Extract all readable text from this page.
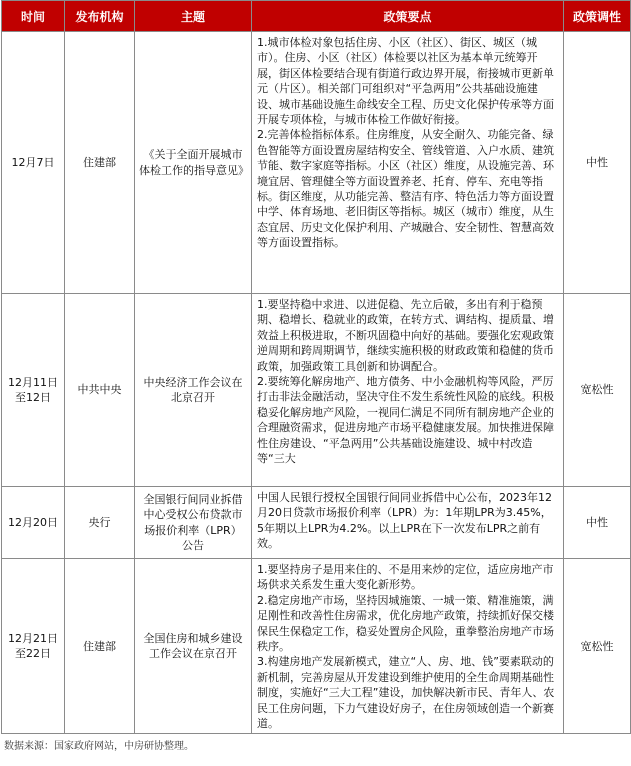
时间	发布机构	主题	政策要点	政策调性
12月7日	住建部	《关于全面开展城市体检工作的指导意见》	1.城市体检对象包括住房、小区（社区）、街区、城区（城市）。住房、小区（社区）体检要以社区为基本单元统筹开展，街区体检要结合现有街道行政边界开展，衔接城市更新单元（片区）。相关部门可组织对“平急两用”公共基础设施建设、城市基础设施生命线安全工程、历史文化保护传承等方面开展专项体检，与城市体检工作做好衔接。

2.完善体检指标体系。住房维度，从安全耐久、功能完备、绿色智能等方面设置房屋结构安全、管线管道、入户水质、建筑节能、数字家庭等指标。小区（社区）维度，从设施完善、环境宜居、管理健全等方面设置养老、托育、停车、充电等指标。街区维度，从功能完善、整洁有序、特色活力等方面设置中学、体育场地、老旧街区等指标。城区（城市）维度，从生态宜居、历史文化保护利用、产城融合、安全韧性、智慧高效等方面设置指标。	中性
12月11日至12日	中共中央	中央经济工作会议在北京召开	1.要坚持稳中求进、以进促稳、先立后破，多出有利于稳预期、稳增长、稳就业的政策，在转方式、调结构、提质量、增效益上积极进取，不断巩固稳中向好的基础。要强化宏观政策逆周期和跨周期调节，继续实施积极的财政政策和稳健的货币政策，加强政策工具创新和协调配合。

2.要统筹化解房地产、地方债务、中小金融机构等风险，严厉打击非法金融活动，坚决守住不发生系统性风险的底线。积极稳妥化解房地产风险，一视同仁满足不同所有制房地产企业的合理融资需求，促进房地产市场平稳健康发展。加快推进保障性住房建设、“平急两用”公共基础设施建设、城中村改造等“三大	宽松性
12月20日	央行	全国银行间同业拆借中心受权公布贷款市场报价利率（LPR）公告	中国人民银行授权全国银行间同业拆借中心公布，2023年12月20日贷款市场报价利率（LPR）为：1年期LPR为3.45%，5年期以上LPR为4.2%。以上LPR在下一次发布LPR之前有效。	中性
12月21日至22日	住建部	全国住房和城乡建设工作会议在京召开	1.要坚持房子是用来住的、不是用来炒的定位，适应房地产市场供求关系发生重大变化新形势。

2.稳定房地产市场，坚持因城施策、一城一策、精准施策，满足刚性和改善性住房需求，优化房地产政策，持续抓好保交楼保民生保稳定工作，稳妥处置房企风险，重拳整治房地产市场秩序。

3.构建房地产发展新模式，建立“人、房、地、钱”要素联动的新机制，完善房屋从开发建设到维护使用的全生命周期基础性制度，实施好“三大工程”建设，加快解决新市民、青年人、农民工住房问题，下力气建设好房子，在住房领域创造一个新赛道。	宽松性
数据来源：国家政府网站，中房研协整理。
